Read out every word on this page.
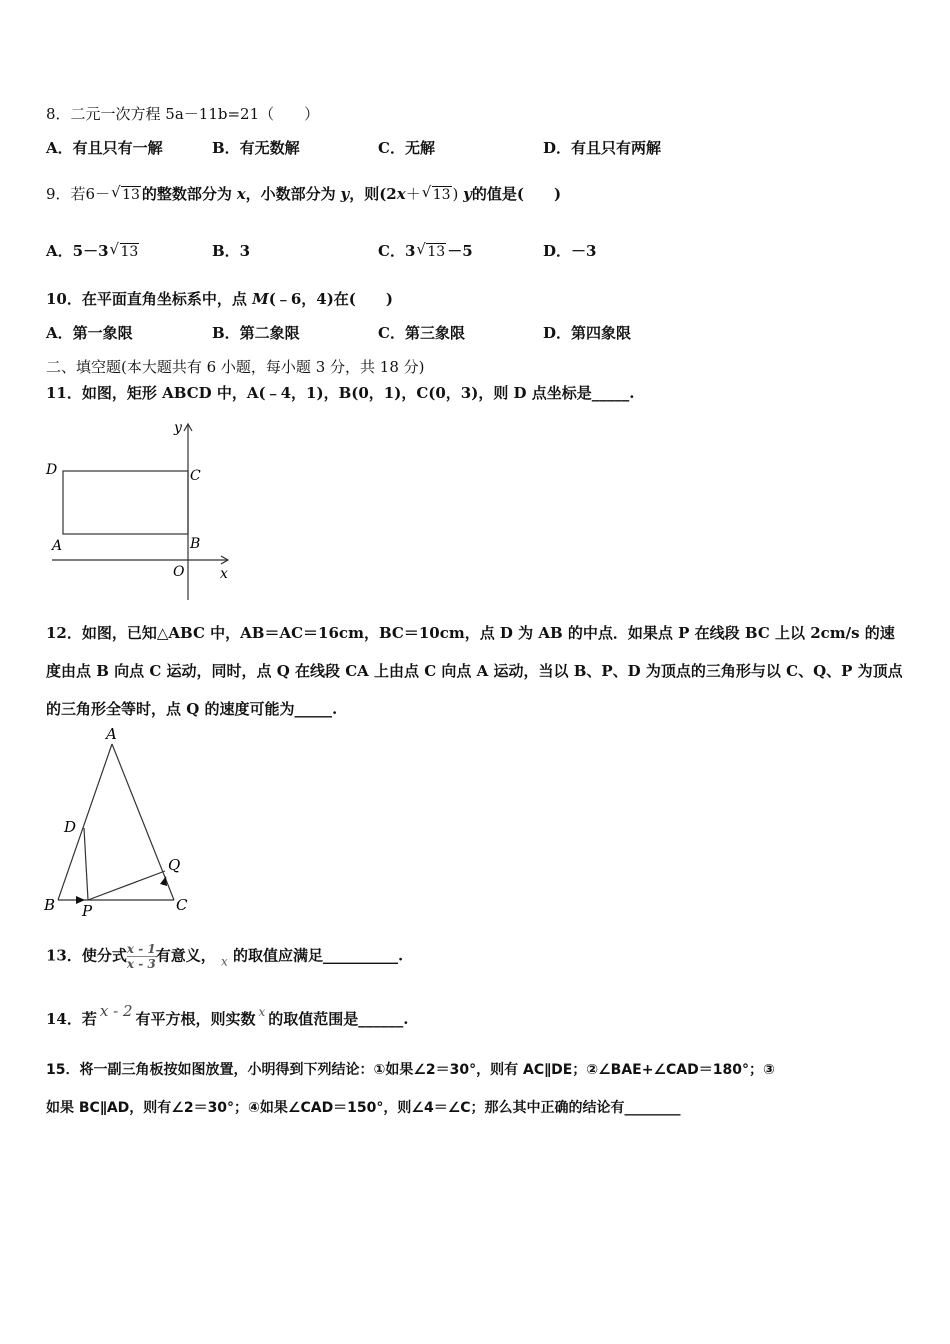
8．二元一次方程 5a－11b=21（　　）
A．有且只有一解	B．有无数解	C．无解	D．有且只有两解
9．若6－ √ 13 的整数部分为 x，小数部分为 y，则(2x＋ √ 13 ) y的值是(　　)
A．5－3 √ 13	B．3	C．3 √ 13 －5	D．－3
10．在平面直角坐标系中，点 M(﹣6，4)在(　　)
A．第一象限	B．第二象限	C．第三象限	D．第四象限
二、填空题(本大题共有 6 小题，每小题 3 分，共 18 分)
11．如图，矩形 ABCD 中，A(﹣4，1)，B(0，1)，C(0，3)，则 D 点坐标是_____.
y
x
D	C
A	B
O
12．如图，已知△ABC 中，AB＝AC＝16cm，BC＝10cm，点 D 为 AB 的中点．如果点 P 在线段 BC 上以 2cm/s 的速度由点 B 向点 C 运动，同时，点 Q 在线段 CA 上由点 C 向点 A 运动，当以 B、P、D 为顶点的三角形与以 C、Q、P 为顶点的三角形全等时，点 Q 的速度可能为_____.
A
D
Q
B P	C
13．使分式 $\frac{x - 1}{x - 3}$ 有意义， $_x$ 的取值应满足__________.
14．若 x - 2 有平方根，则实数 $^x$ 的取值范围是______.
15．将一副三角板按如图放置，小明得到下列结论：①如果∠2＝30°，则有 AC∥DE；②∠BAE+∠CAD＝180°；③
如果 BC∥AD，则有∠2＝30°；④如果∠CAD＝150°，则∠4＝∠C；那么其中正确的结论有________
